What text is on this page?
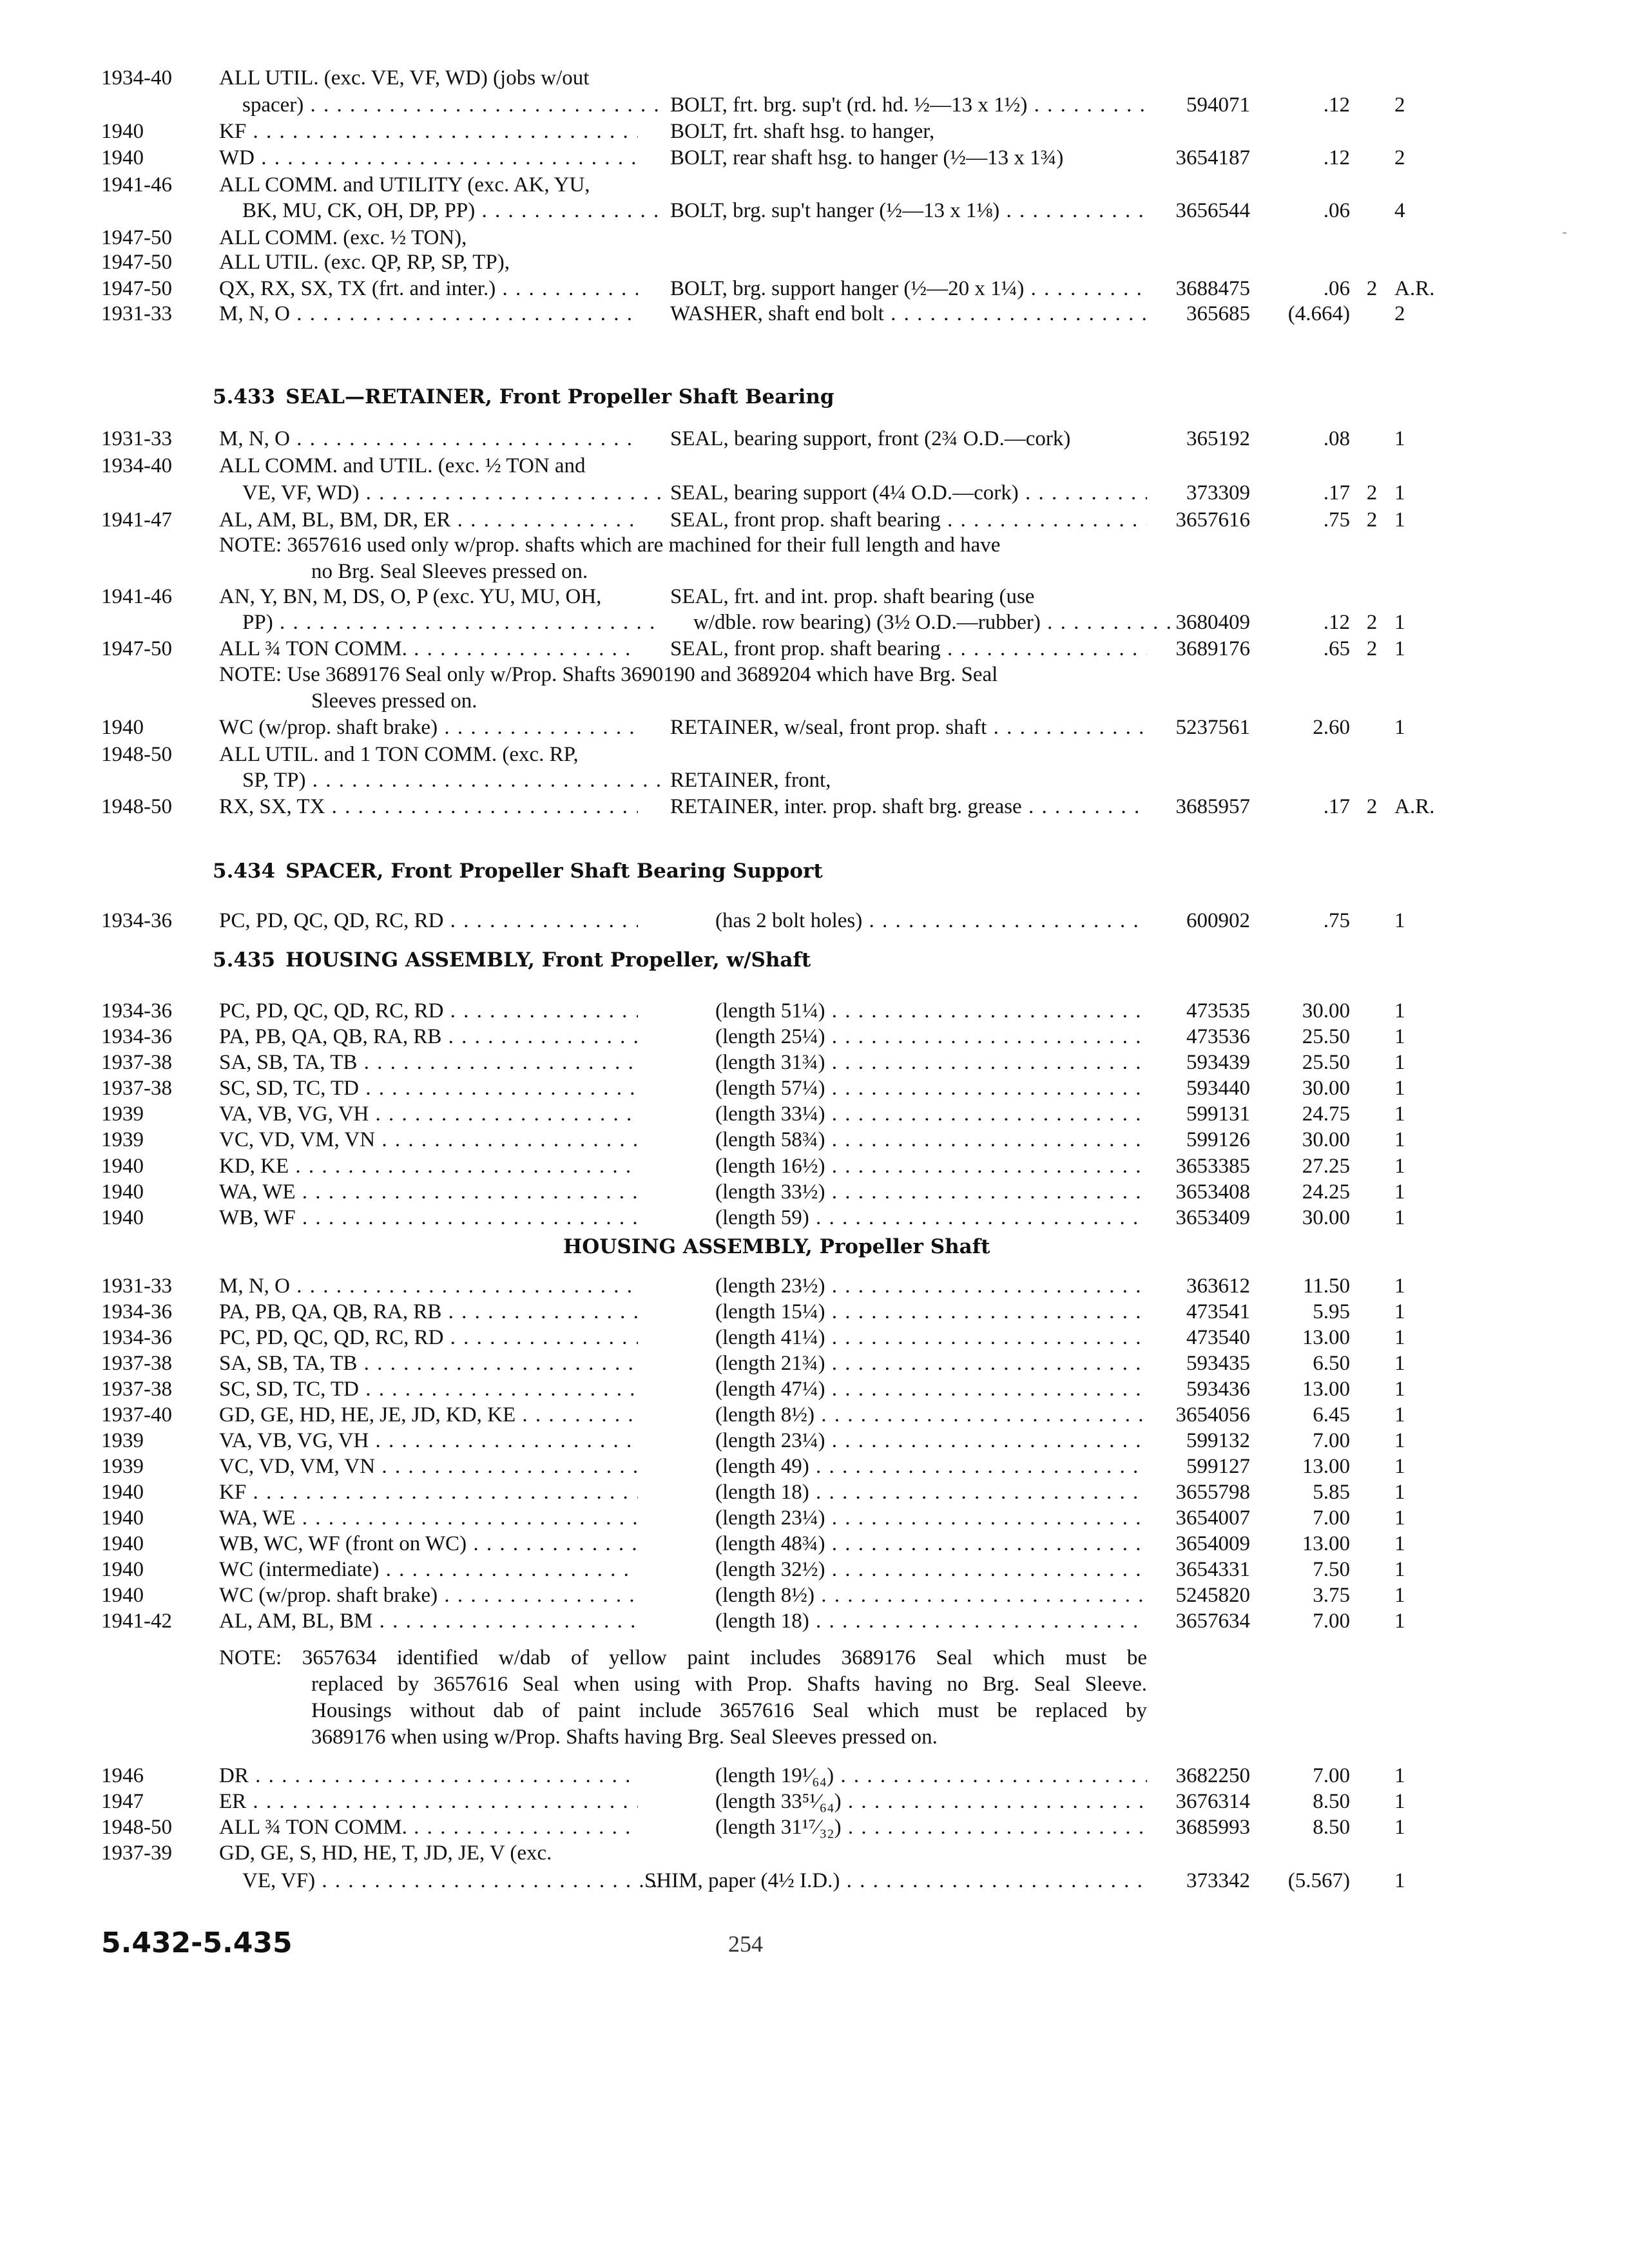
1934-40	ALL UTIL. (exc. VE, VF, WD) (jobs w/out
spacer) . . .	BOLT, frt. brg. sup't (rd. hd. ½—13 x 1½) . . .	594071	.12 2
1940	KF . . .	BOLT, frt. shaft hsg. to hanger,
1940	WD . . .	BOLT, rear shaft hsg. to hanger (½—13 x 1¾)	3654187	.12 2
1941-46	ALL COMM. and UTILITY (exc. AK, YU,
BK, MU, CK, OH, DP, PP) . . .	BOLT, brg. sup't hanger (½—13 x 1⅛) . . .	3656544	.06 4
1947-50	ALL COMM. (exc. ½ TON),
1947-50	ALL UTIL. (exc. QP, RP, SP, TP),
1947-50	QX, RX, SX, TX (frt. and inter.) . . .	BOLT, brg. support hanger (½—20 x 1¼) . . .	3688475	.06 2 A.R.
1931-33	M, N, O . . .	WASHER, shaft end bolt . . .	365685	(4.664) 2
1931-33	M, N, O . . .	SEAL, bearing support, front (2¾ O.D.—cork)	365192	.08 1
1934-40	ALL COMM. and UTIL. (exc. ½ TON and
VE, VF, WD) . . .	SEAL, bearing support (4¼ O.D.—cork) . . .	373309	.17 2 1
1941-47	AL, AM, BL, BM, DR, ER . . .	SEAL, front prop. shaft bearing . . .	3657616	.75 2 1
1941-46	AN, Y, BN, M, DS, O, P (exc. YU, MU, OH,	SEAL, frt. and int. prop. shaft bearing (use
PP) . . .	w/dble. row bearing) (3½ O.D.—rubber) . . .	3680409	.12 2 1
1947-50	ALL ¾ TON COMM. . . .	SEAL, front prop. shaft bearing . . .	3689176	.65 2 1
1940	WC (w/prop. shaft brake) . . .	RETAINER, w/seal, front prop. shaft . . .	5237561	2.60 1
1948-50	ALL UTIL. and 1 TON COMM. (exc. RP,
SP, TP) . . .	RETAINER, front,
1948-50	RX, SX, TX . . .	RETAINER, inter. prop. shaft brg. grease . . .	3685957	.17 2 A.R.
1934-36	PC, PD, QC, QD, RC, RD . . .	(has 2 bolt holes) . . .	600902	.75 1
1934-36	PC, PD, QC, QD, RC, RD . . .	(length 51¼) . . .	473535	30.00 1
1934-36	PA, PB, QA, QB, RA, RB . . .	(length 25¼) . . .	473536	25.50 1
1937-38	SA, SB, TA, TB . . .	(length 31¾) . . .	593439	25.50 1
1937-38	SC, SD, TC, TD . . .	(length 57¼) . . .	593440	30.00 1
1939	VA, VB, VG, VH . . .	(length 33¼) . . .	599131	24.75 1
1939	VC, VD, VM, VN . . .	(length 58¾) . . .	599126	30.00 1
1940	KD, KE . . .	(length 16½) . . .	3653385	27.25 1
1940	WA, WE . . .	(length 33½) . . .	3653408	24.25 1
1940	WB, WF . . .	(length 59) . . .	3653409	30.00 1
1931-33	M, N, O . . .	(length 23½) . . .	363612	11.50 1
1934-36	PA, PB, QA, QB, RA, RB . . .	(length 15¼) . . .	473541	5.95 1
1934-36	PC, PD, QC, QD, RC, RD . . .	(length 41¼) . . .	473540	13.00 1
1937-38	SA, SB, TA, TB . . .	(length 21¾) . . .	593435	6.50 1
1937-38	SC, SD, TC, TD . . .	(length 47¼) . . .	593436	13.00 1
1937-40	GD, GE, HD, HE, JE, JD, KD, KE . . .	(length 8½) . . .	3654056	6.45 1
1939	VA, VB, VG, VH . . .	(length 23¼) . . .	599132	7.00 1
1939	VC, VD, VM, VN . . .	(length 49) . . .	599127	13.00 1
1940	KF . . .	(length 18) . . .	3655798	5.85 1
1940	WA, WE . . .	(length 23¼) . . .	3654007	7.00 1
1940	WB, WC, WF (front on WC) . . .	(length 48¾) . . .	3654009	13.00 1
1940	WC (intermediate) . . .	(length 32½) . . .	3654331	7.50 1
1940	WC (w/prop. shaft brake) . . .	(length 8½) . . .	5245820	3.75 1
1941-42	AL, AM, BL, BM . . .	(length 18) . . .	3657634	7.00 1
1946	DR . . .	(length 19¹⁄₆₄) . . .	3682250	7.00 1
1947	ER . . .	(length 33⁵¹⁄₆₄) . . .	3676314	8.50 1
1948-50	ALL ¾ TON COMM. . . .	(length 31¹⁷⁄₃₂) . . .	3685993	8.50 1
1937-39	GD, GE, S, HD, HE, T, JD, JE, V (exc.
VE, VF) . . .	SHIM, paper (4½ I.D.) . . .	373342	(5.567) 1
5.433 SEAL—RETAINER, Front Propeller Shaft Bearing
5.434 SPACER, Front Propeller Shaft Bearing Support
5.435 HOUSING ASSEMBLY, Front Propeller, w/Shaft
HOUSING ASSEMBLY, Propeller Shaft
NOTE: 3657616 used only w/prop. shafts which are machined for their full length and have
no Brg. Seal Sleeves pressed on.
NOTE: Use 3689176 Seal only w/Prop. Shafts 3690190 and 3689204 which have Brg. Seal
Sleeves pressed on.
NOTE: 3657634 identified w/dab of yellow paint includes 3689176 Seal which must be
replaced by 3657616 Seal when using with Prop. Shafts having no Brg. Seal Sleeve.
Housings without dab of paint include 3657616 Seal which must be replaced by
3689176 when using w/Prop. Shafts having Brg. Seal Sleeves pressed on.
5.432-5.435	254
